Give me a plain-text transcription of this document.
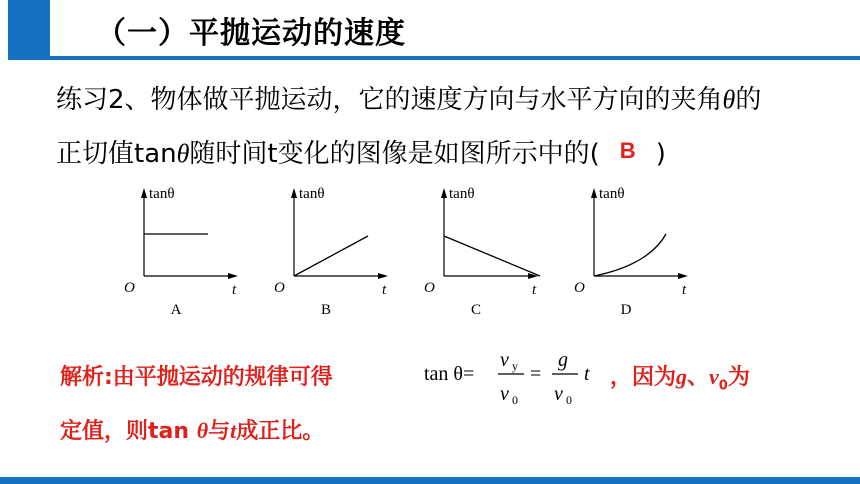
（一）平抛运动的速度
练习2、物体做平抛运动，它的速度方向与水平方向的夹角θ的
正切值tanθ随时间t变化的图像是如图所示中的( B )
tanθ
O	t
A
tanθ
O	t
B
tanθ
O	t
C
tanθ
O	t
D
解析:由平抛运动的规律可得	tan θ=
v y
v 0
=
g
v 0
t ，因为g、$v_0$为
定值，则tan θ与t成正比。
